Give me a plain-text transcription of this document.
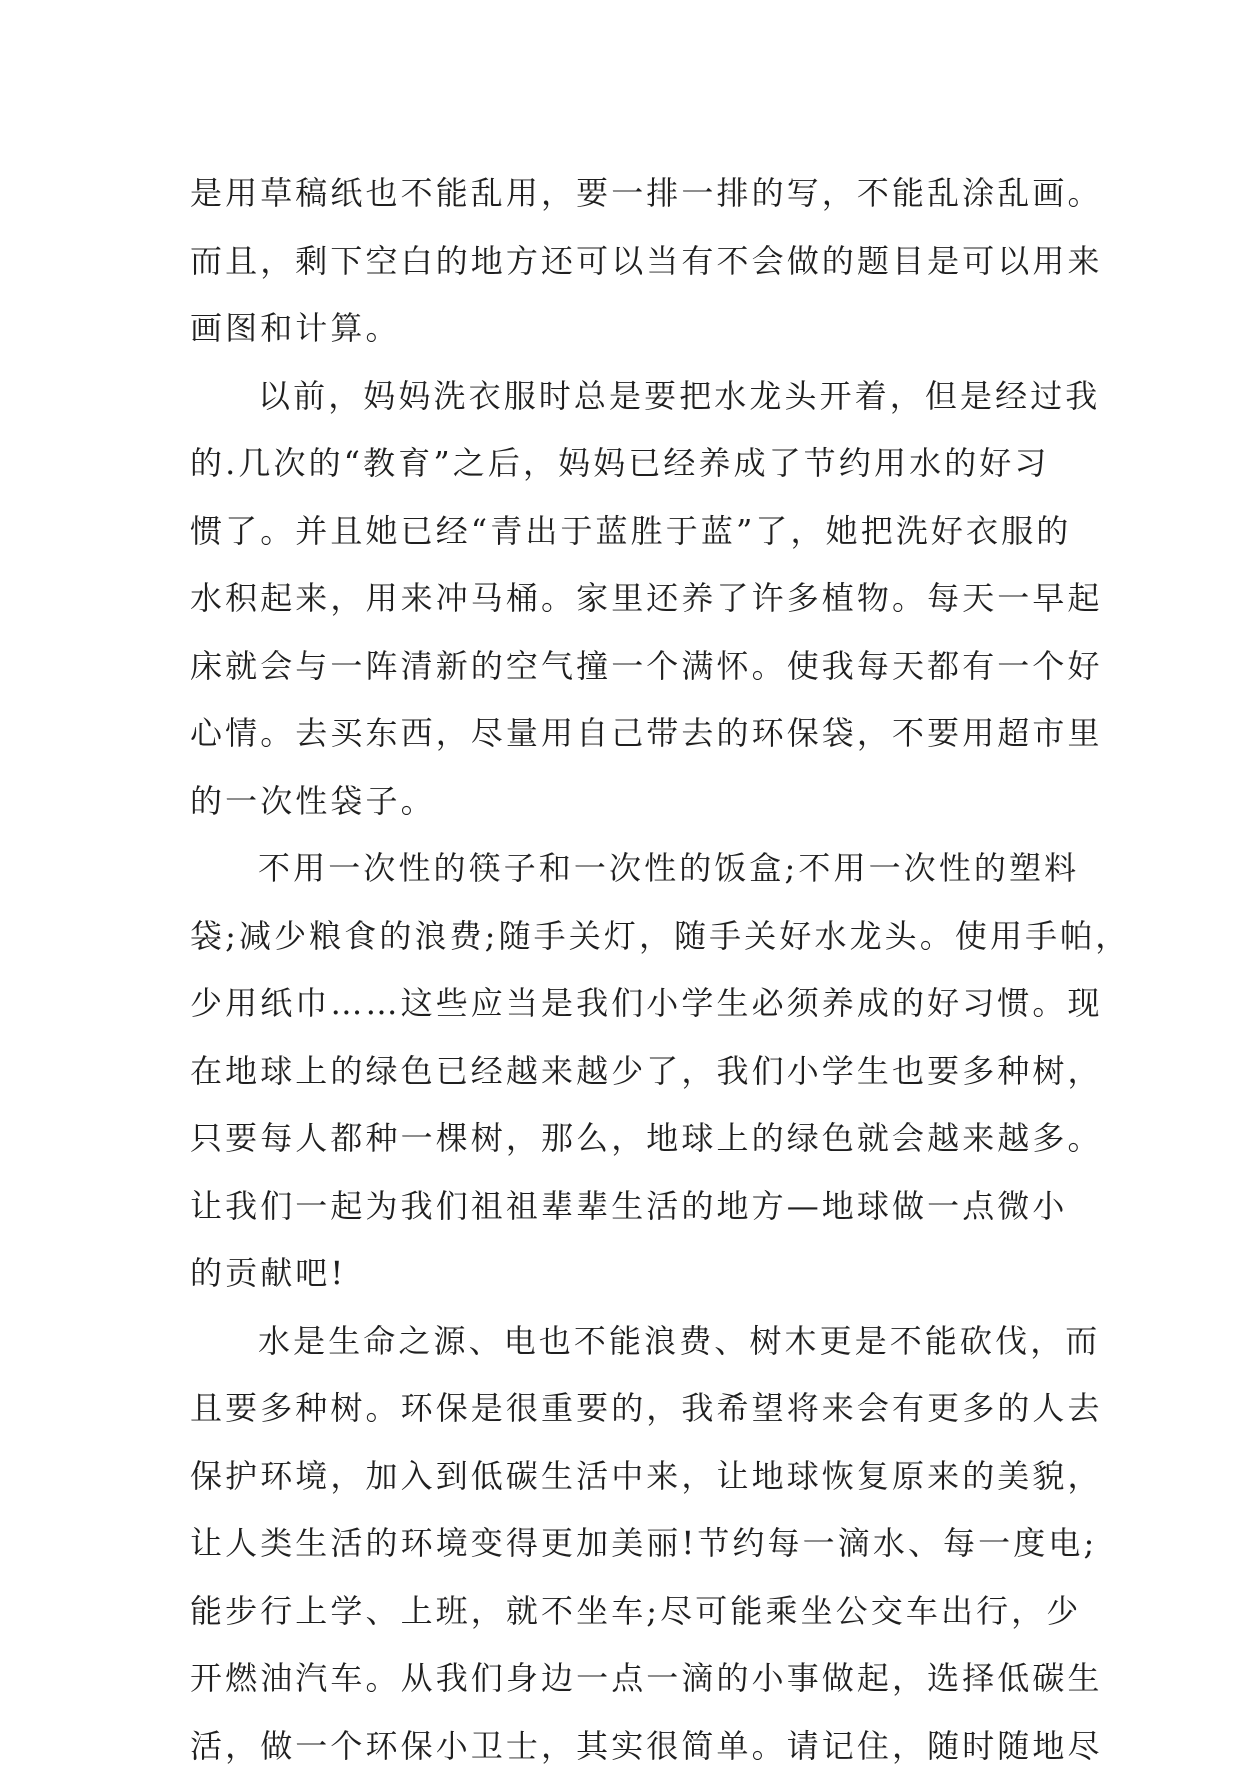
是用草稿纸也不能乱用，要一排一排的写，不能乱涂乱画。
而且，剩下空白的地方还可以当有不会做的题目是可以用来
画图和计算。
以前，妈妈洗衣服时总是要把水龙头开着，但是经过我
的.几次的“教育”之后，妈妈已经养成了节约用水的好习
惯了。并且她已经“青出于蓝胜于蓝”了，她把洗好衣服的
水积起来，用来冲马桶。家里还养了许多植物。每天一早起
床就会与一阵清新的空气撞一个满怀。使我每天都有一个好
心情。去买东西，尽量用自己带去的环保袋，不要用超市里
的一次性袋子。
不用一次性的筷子和一次性的饭盒;不用一次性的塑料
袋;减少粮食的浪费;随手关灯，随手关好水龙头。使用手帕，
少用纸巾……这些应当是我们小学生必须养成的好习惯。现
在地球上的绿色已经越来越少了，我们小学生也要多种树，
只要每人都种一棵树，那么，地球上的绿色就会越来越多。
让我们一起为我们祖祖辈辈生活的地方—地球做一点微小
的贡献吧!
水是生命之源、电也不能浪费、树木更是不能砍伐，而
且要多种树。环保是很重要的，我希望将来会有更多的人去
保护环境，加入到低碳生活中来，让地球恢复原来的美貌，
让人类生活的环境变得更加美丽!节约每一滴水、每一度电;
能步行上学、上班，就不坐车;尽可能乘坐公交车出行，少
开燃油汽车。从我们身边一点一滴的小事做起，选择低碳生
活，做一个环保小卫士，其实很简单。请记住，随时随地尽
